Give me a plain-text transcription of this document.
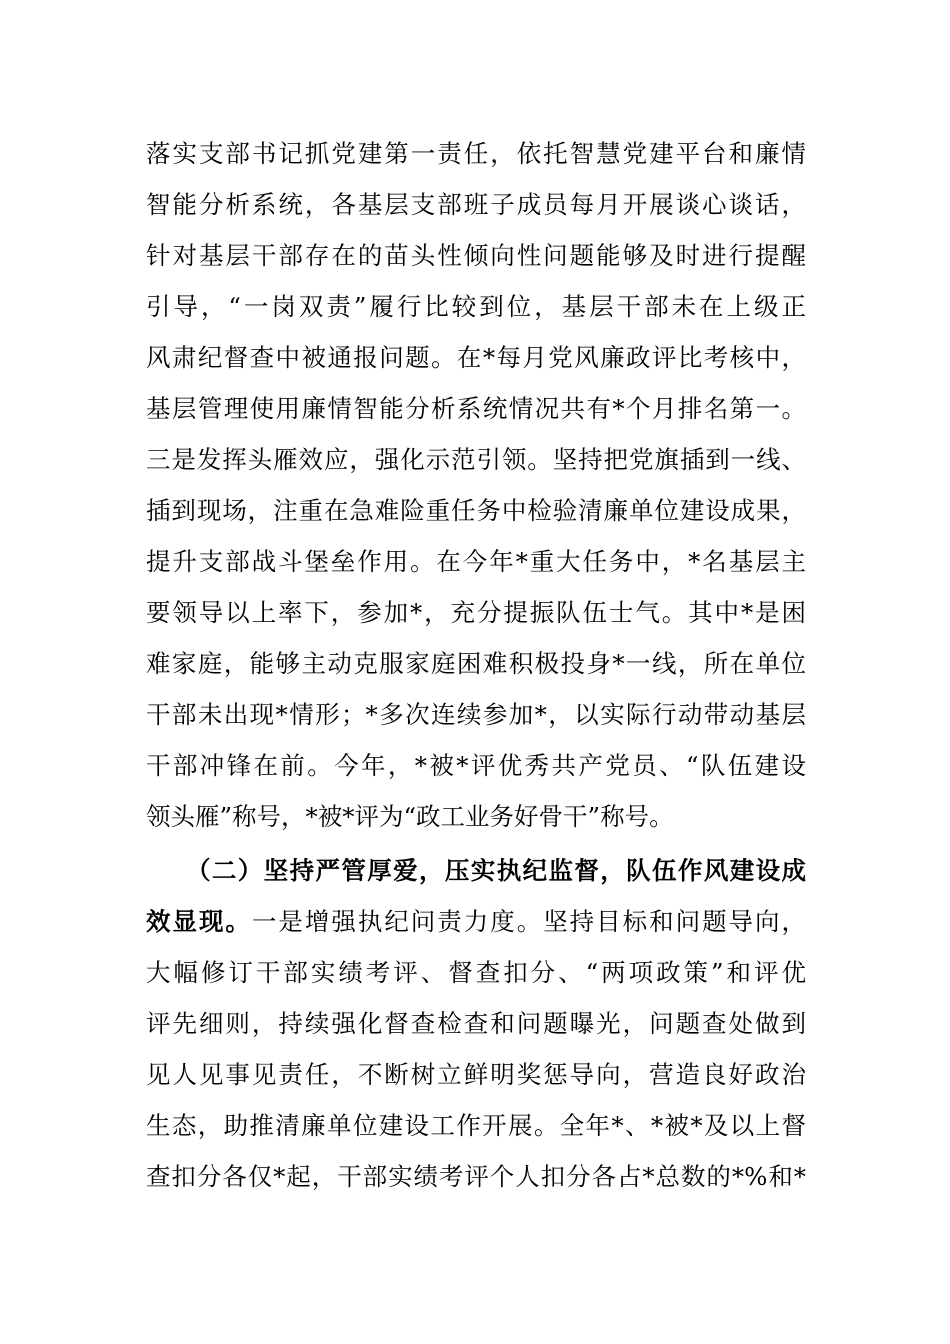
落实支部书记抓党建第一责任，依托智慧党建平台和廉情
智能分析系统，各基层支部班子成员每月开展谈心谈话，
针对基层干部存在的苗头性倾向性问题能够及时进行提醒
引导，“一岗双责”履行比较到位，基层干部未在上级正
风肃纪督查中被通报问题。在*每月党风廉政评比考核中，
基层管理使用廉情智能分析系统情况共有*个月排名第一。
三是发挥头雁效应，强化示范引领。坚持把党旗插到一线、
插到现场，注重在急难险重任务中检验清廉单位建设成果，
提升支部战斗堡垒作用。在今年*重大任务中，*名基层主
要领导以上率下，参加*，充分提振队伍士气。其中*是困
难家庭，能够主动克服家庭困难积极投身*一线，所在单位
干部未出现*情形；*多次连续参加*，以实际行动带动基层
干部冲锋在前。今年，*被*评优秀共产党员、“队伍建设
领头雁”称号，*被*评为“政工业务好骨干”称号。
（二）坚持严管厚爱，压实执纪监督，队伍作风建设成
效显现。一是增强执纪问责力度。坚持目标和问题导向，
大幅修订干部实绩考评、督查扣分、“两项政策”和评优
评先细则，持续强化督查检查和问题曝光，问题查处做到
见人见事见责任，不断树立鲜明奖惩导向，营造良好政治
生态，助推清廉单位建设工作开展。全年*、*被*及以上督
查扣分各仅*起，干部实绩考评个人扣分各占*总数的*%和*
